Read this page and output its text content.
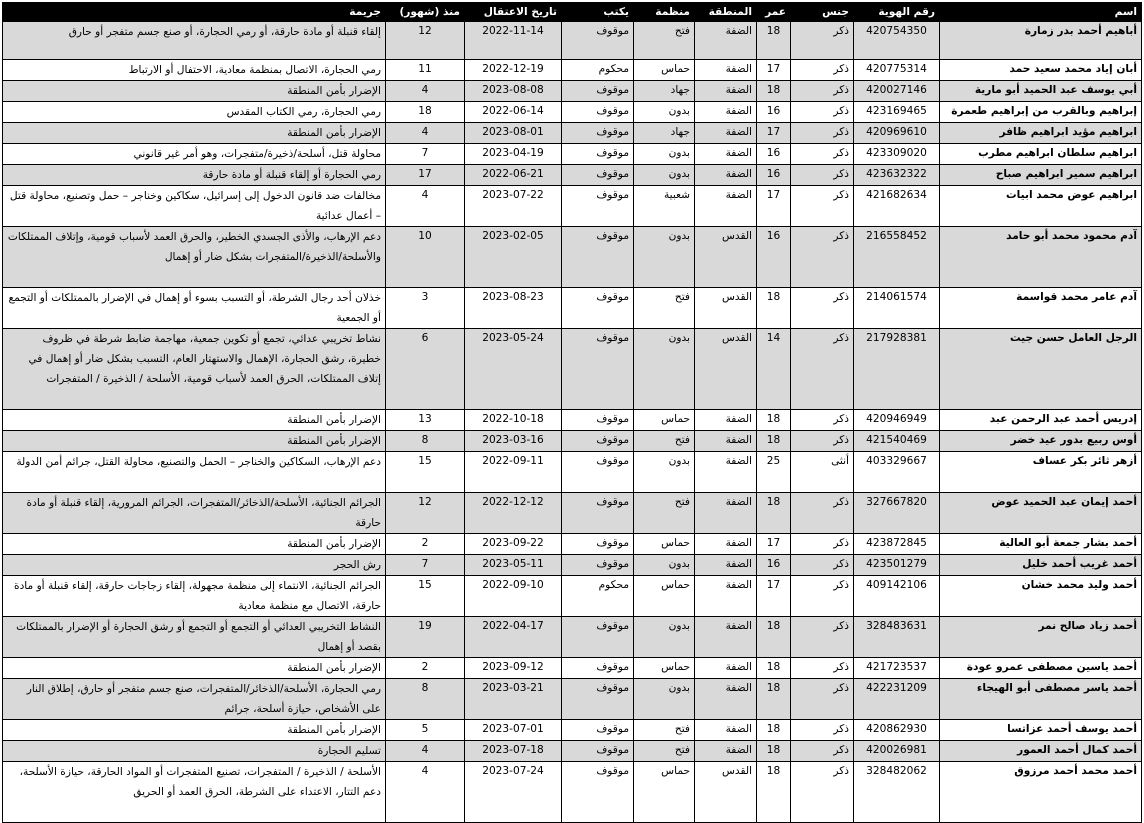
اسم	رقم الهوية	جنس	عمر	المنطقة	منظمة	يكتب	تاريخ الاعتقال	منذ (شهور)	جريمة
أباهيم أحمد بدر زمارة	420754350	ذكر	18	الضفة	فتح	موقوف	2022-11-14	12	إلقاء قنبلة أو مادة حارقة، أو رمي الحجارة، أو صنع جسم متفجر أو حارق
أبان إياد محمد سعيد حمد	420775314	ذكر	17	الضفة	حماس	محكوم	2022-12-19	11	رمي الحجارة، الاتصال بمنظمة معادية، الاحتفال أو الارتباط
أبي يوسف عبد الحميد أبو مارية	420027146	ذكر	18	الضفة	جهاد	موقوف	2023-08-08	4	الإضرار بأمن المنطقة
إبراهيم وبالقرب من إبراهيم طعمرة	423169465	ذكر	16	الضفة	بدون	موقوف	2022-06-14	18	رمي الحجارة، رمي الكتاب المقدس
ابراهيم مؤيد ابراهيم ظافر	420969610	ذكر	17	الضفة	جهاد	موقوف	2023-08-01	4	الإضرار بأمن المنطقة
ابراهيم سلطان ابراهيم مطرب	423309020	ذكر	16	الضفة	بدون	موقوف	2023-04-19	7	محاولة قتل، أسلحة/ذخيرة/متفجرات، وهو أمر غير قانوني
ابراهيم سمير ابراهيم صباح	423632322	ذكر	16	الضفة	بدون	موقوف	2022-06-21	17	رمي الحجارة أو إلقاء قنبلة أو مادة حارقة
ابراهيم عوض محمد ابيات	421682634	ذكر	17	الضفة	شعبية	موقوف	2023-07-22	4	مخالفات ضد قانون الدخول إلى إسرائيل، سكاكين وخناجر – حمل وتصنيع، محاولة قتل – أعمال عدائية
آدم محمود محمد أبو حامد	216558452	ذكر	16	القدس	بدون	موقوف	2023-02-05	10	دعم الإرهاب، والأذى الجسدي الخطير، والحرق العمد لأسباب قومية، وإتلاف الممتلكات والأسلحة/الذخيرة/المتفجرات بشكل ضار أو إهمال
آدم عامر محمد قواسمة	214061574	ذكر	18	القدس	فتح	موقوف	2023-08-23	3	خذلان أحد رجال الشرطة، أو التسبب بسوء أو إهمال في الإضرار بالممتلكات أو التجمع أو الجمعية
الرجل العامل حسن جيت	217928381	ذكر	14	القدس	بدون	موقوف	2023-05-24	6	نشاط تخريبي عدائي، تجمع أو تكوين جمعية، مهاجمة ضابط شرطة في ظروف خطيرة، رشق الحجارة، الإهمال والاستهتار العام، التسبب بشكل ضار أو إهمال في إتلاف الممتلكات، الحرق العمد لأسباب قومية، الأسلحة / الذخيرة / المتفجرات
إدريس أحمد عبد الرحمن عبد	420946949	ذكر	18	الضفة	حماس	موقوف	2022-10-18	13	الإضرار بأمن المنطقة
أوس ربيع بدور عيد خضر	421540469	ذكر	18	الضفة	فتح	موقوف	2023-03-16	8	الإضرار بأمن المنطقة
أزهر ثائر بكر عساف	403329667	أنثى	25	الضفة	بدون	موقوف	2022-09-11	15	دعم الإرهاب، السكاكين والخناجر – الحمل والتصنيع، محاولة القتل، جرائم أمن الدولة
أحمد إيمان عبد الحميد عوض	327667820	ذكر	18	الضفة	فتح	موقوف	2022-12-12	12	الجرائم الجنائية، الأسلحة/الذخائر/المتفجرات، الجرائم المرورية، إلقاء قنبلة أو مادة حارقة
أحمد بشار جمعة أبو العالية	423872845	ذكر	17	الضفة	حماس	موقوف	2023-09-22	2	الإضرار بأمن المنطقة
أحمد غريب أحمد خليل	423501279	ذكر	16	الضفة	بدون	موقوف	2023-05-11	7	رش الحجر
أحمد وليد محمد خشان	409142106	ذكر	17	الضفة	حماس	محكوم	2022-09-10	15	الجرائم الجنائية، الانتماء إلى منظمة مجهولة، إلقاء زجاجات حارقة، إلقاء قنبلة أو مادة حارقة، الاتصال مع منظمة معادية
أحمد زياد صالح نمر	328483631	ذكر	18	الضفة	بدون	موقوف	2022-04-17	19	النشاط التخريبي العدائي أو التجمع أو التجمع أو رشق الحجارة أو الإضرار بالممتلكات بقصد أو إهمال
أحمد ياسين مصطفى عمرو عودة	421723537	ذكر	18	الضفة	حماس	موقوف	2023-09-12	2	الإضرار بأمن المنطقة
أحمد ياسر مصطفى أبو الهيجاء	422231209	ذكر	18	الضفة	بدون	موقوف	2023-03-21	8	رمي الحجارة، الأسلحة/الذخائر/المتفجرات، صنع جسم متفجر أو حارق، إطلاق النار على الأشخاص، حيازة أسلحة، جرائم
أحمد يوسف أحمد عزاتسا	420862930	ذكر	18	الضفة	فتح	موقوف	2023-07-01	5	الإضرار بأمن المنطقة
أحمد كمال أحمد العمور	420026981	ذكر	18	الضفة	فتح	موقوف	2023-07-18	4	تسليم الحجارة
أحمد محمد أحمد مرزوق	328482062	ذكر	18	القدس	حماس	موقوف	2023-07-24	4	الأسلحة / الذخيرة / المتفجرات، تصنيع المتفجرات أو المواد الحارقة، حيازة الأسلحة، دعم التتار، الاعتداء على الشرطة، الحرق العمد أو الحريق
